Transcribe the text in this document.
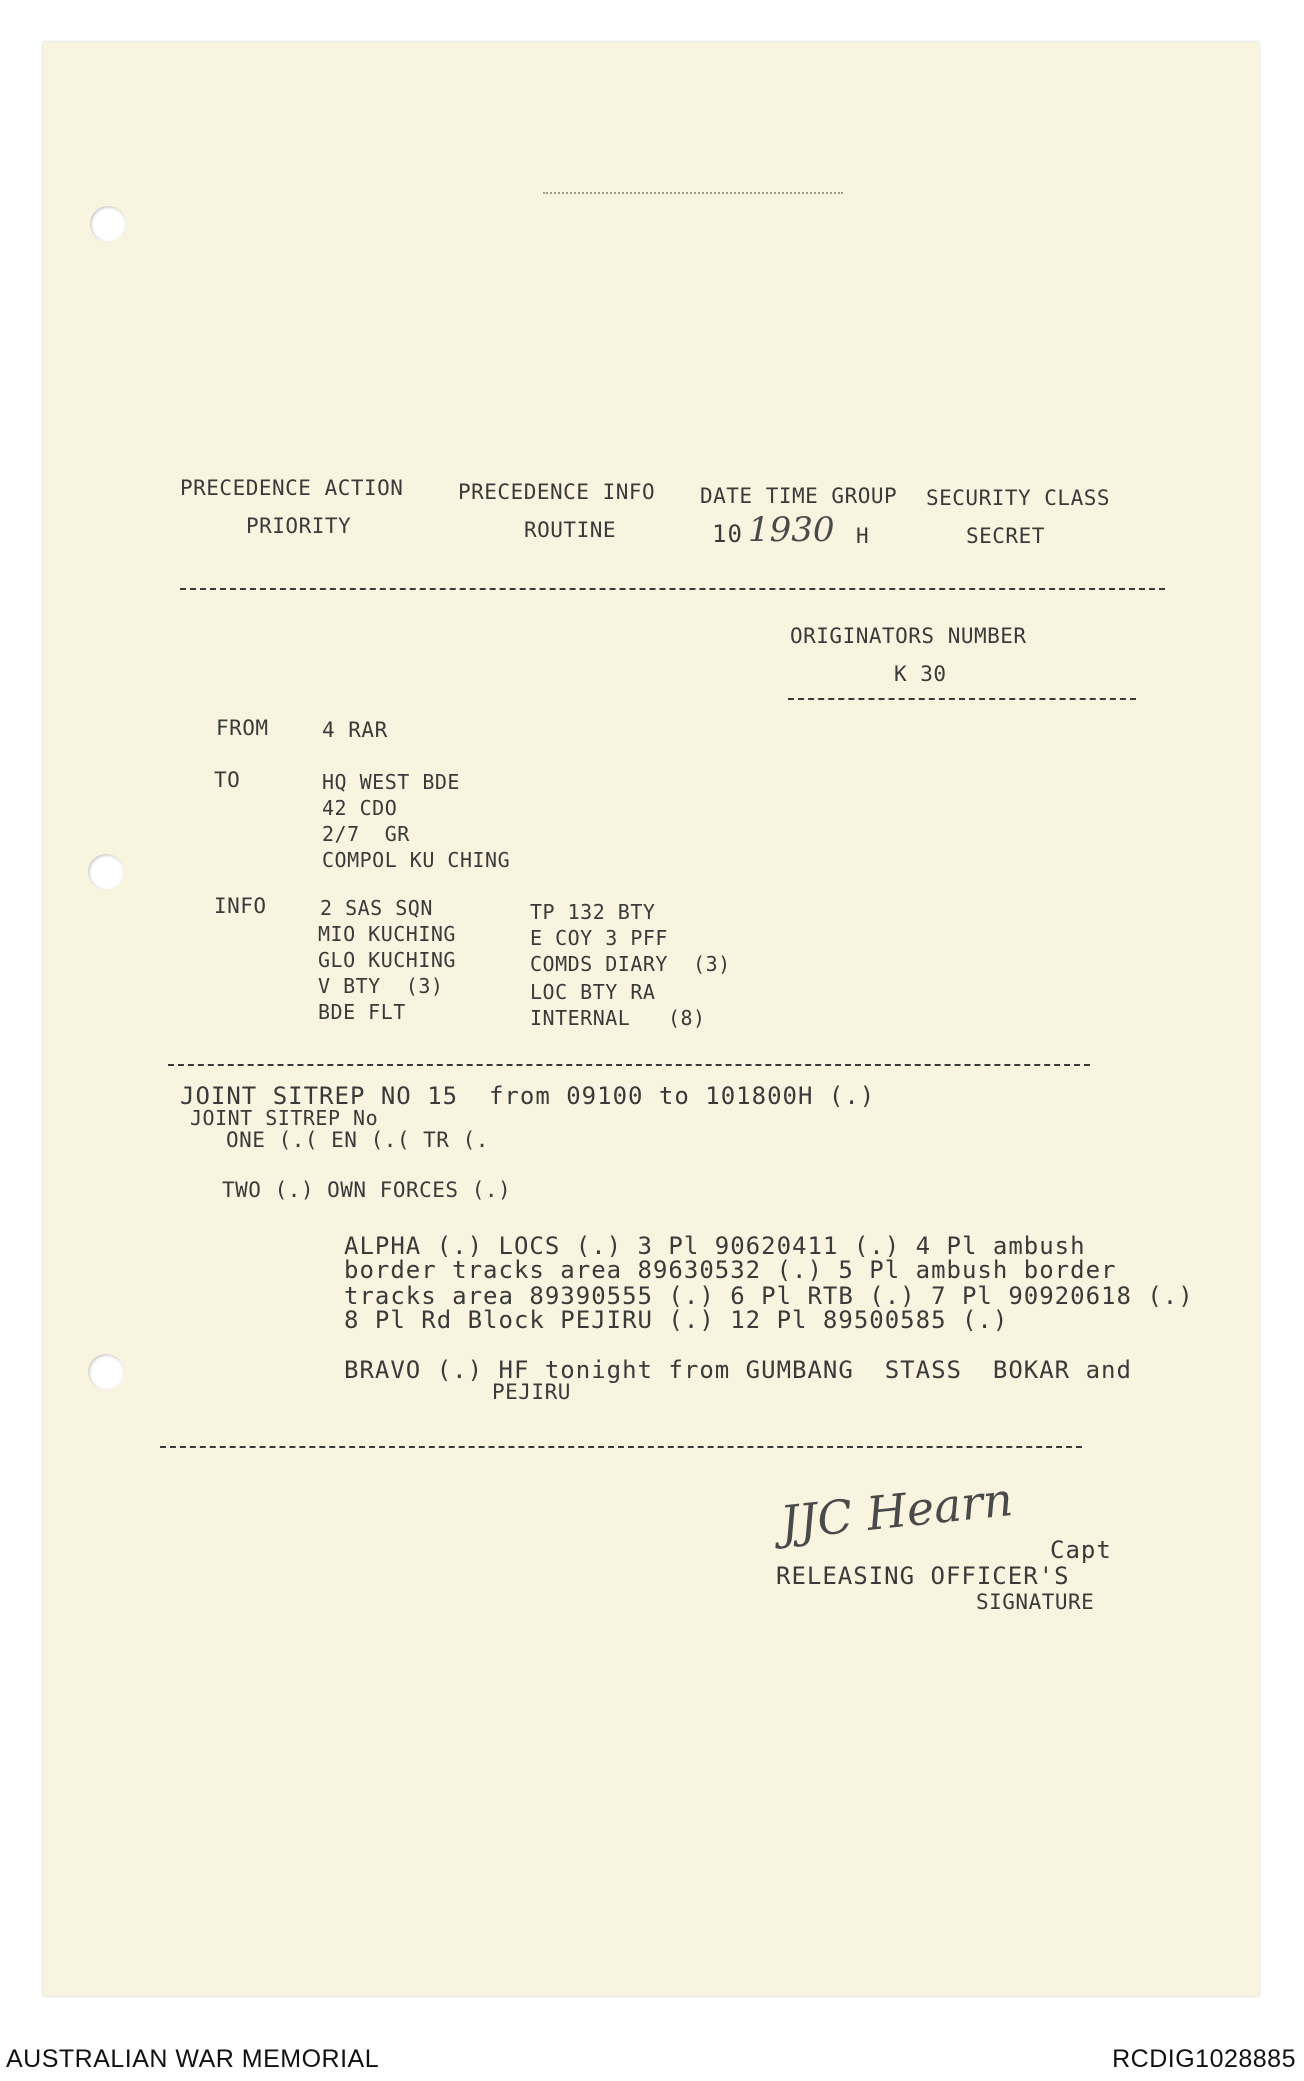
PRECEDENCE ACTION
PRIORITY
PRECEDENCE INFO
ROUTINE
DATE TIME GROUP
10 1930 H
SECURITY CLASS
SECRET
ORIGINATORS NUMBER
K 30
FROM	4 RAR
TO	HQ WEST BDE
42 CDO
2/7  GR
COMPOL KU CHING
INFO	2 SAS SQN
MIO KUCHING
GLO KUCHING
V BTY  (3)
BDE FLT
TP 132 BTY
E COY 3 PFF
COMDS DIARY  (3)
LOC BTY RA
INTERNAL   (8)
JOINT SITREP NO 15  from 09100 to 101800H (.)
JOINT SITREP No
ONE (.( EN (.( TR (.
TWO (.) OWN FORCES (.)
ALPHA (.) LOCS (.) 3 Pl 90620411 (.) 4 Pl ambush
border tracks area 89630532 (.) 5 Pl ambush border
tracks area 89390555 (.) 6 Pl RTB (.) 7 Pl 90920618 (.)
8 Pl Rd Block PEJIRU (.) 12 Pl 89500585 (.)
BRAVO (.) HF tonight from GUMBANG  STASS  BOKAR and
PEJIRU
JJC Hearn Capt
RELEASING OFFICER'S
SIGNATURE
AUSTRALIAN WAR MEMORIAL	RCDIG1028885
